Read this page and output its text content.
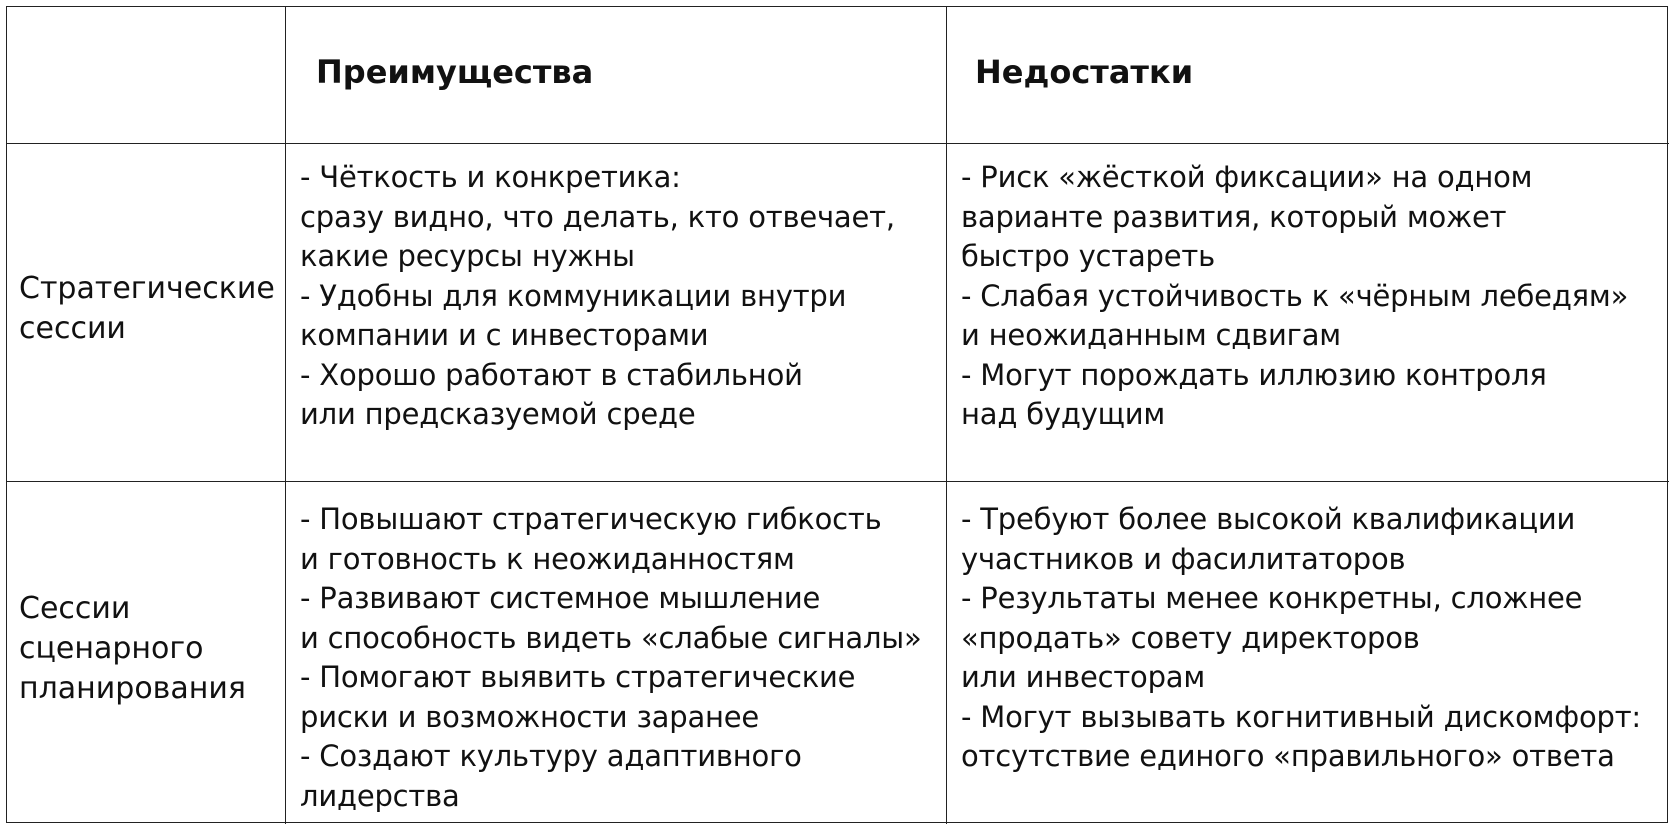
Преимущества	Недостатки
Стратегические
сессии
- Чёткость и конкретика:
сразу видно, что делать, кто отвечает,
какие ресурсы нужны
- Удобны для коммуникации внутри
компании и с инвесторами
- Хорошо работают в стабильной
или предсказуемой среде
- Риск «жёсткой фиксации» на одном
варианте развития, который может
быстро устареть
- Слабая устойчивость к «чёрным лебедям»
и неожиданным сдвигам
- Могут порождать иллюзию контроля
над будущим
Сессии
сценарного
планирования
- Повышают стратегическую гибкость
и готовность к неожиданностям
- Развивают системное мышление
и способность видеть «слабые сигналы»
- Помогают выявить стратегические
риски и возможности заранее
- Создают культуру адаптивного
лидерства
- Требуют более высокой квалификации
участников и фасилитаторов
- Результаты менее конкретны, сложнее
«продать» совету директоров
или инвесторам
- Могут вызывать когнитивный дискомфорт:
отсутствие единого «правильного» ответа
